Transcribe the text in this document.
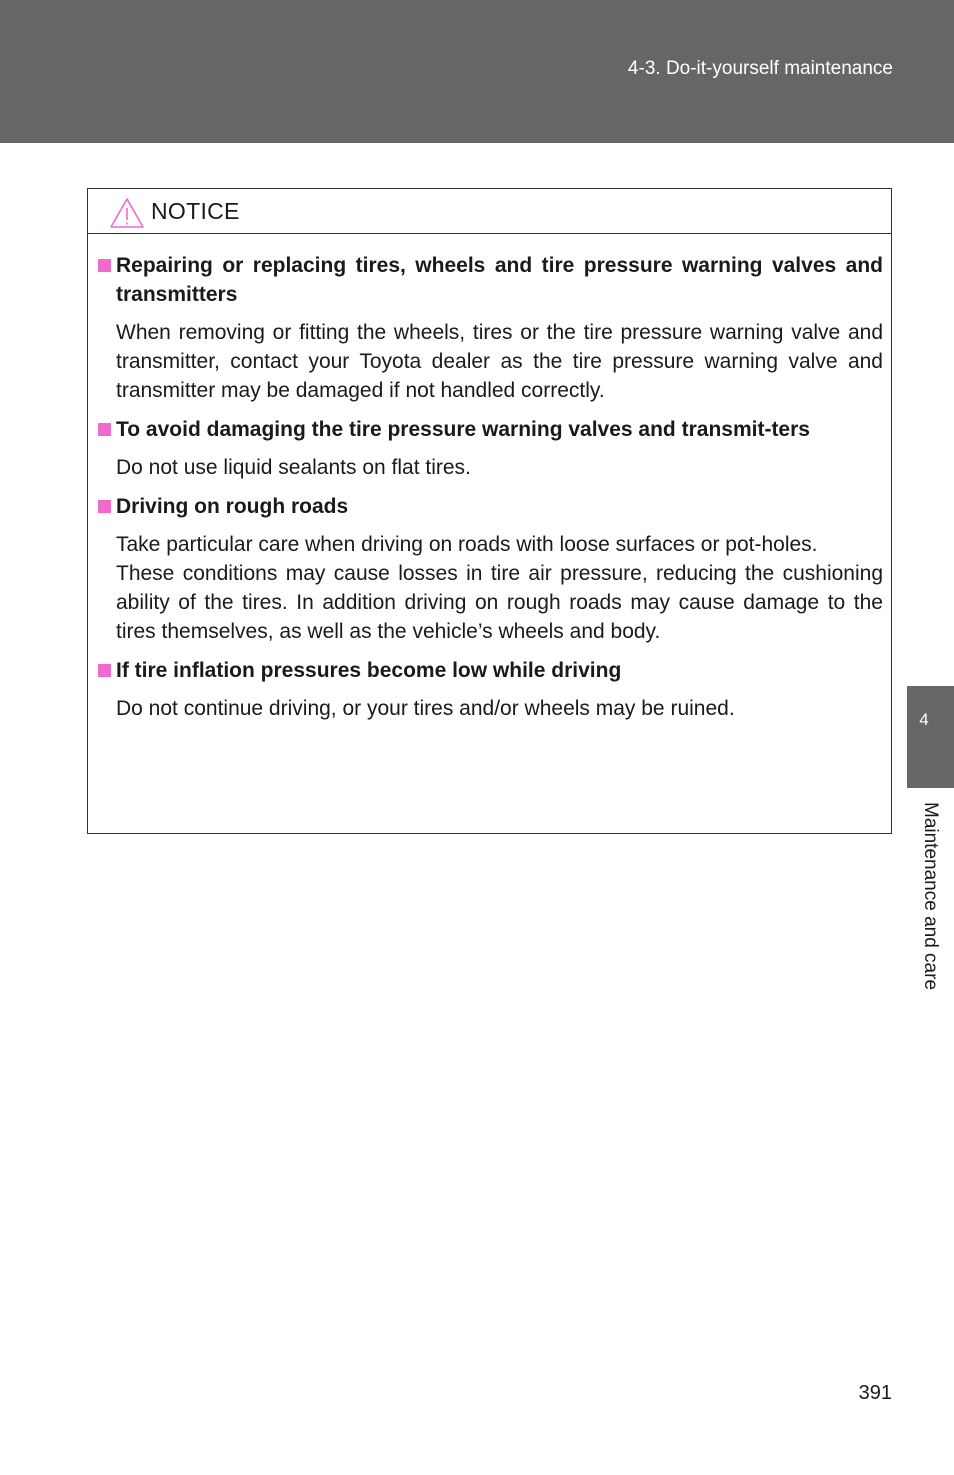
4-3. Do-it-yourself maintenance
NOTICE
Repairing or replacing tires, wheels and tire pressure warning valves and transmitters

When removing or fitting the wheels, tires or the tire pressure warning valve and transmitter, contact your Toyota dealer as the tire pressure warning valve and transmitter may be damaged if not handled correctly.

To avoid damaging the tire pressure warning valves and transmit-ters

Do not use liquid sealants on flat tires.

Driving on rough roads

Take particular care when driving on roads with loose surfaces or pot-holes.

These conditions may cause losses in tire air pressure, reducing the cushioning ability of the tires. In addition driving on rough roads may cause damage to the tires themselves, as well as the vehicle’s wheels and body.

If tire inflation pressures become low while driving

Do not continue driving, or your tires and/or wheels may be ruined.	4
Maintenance and care
391
